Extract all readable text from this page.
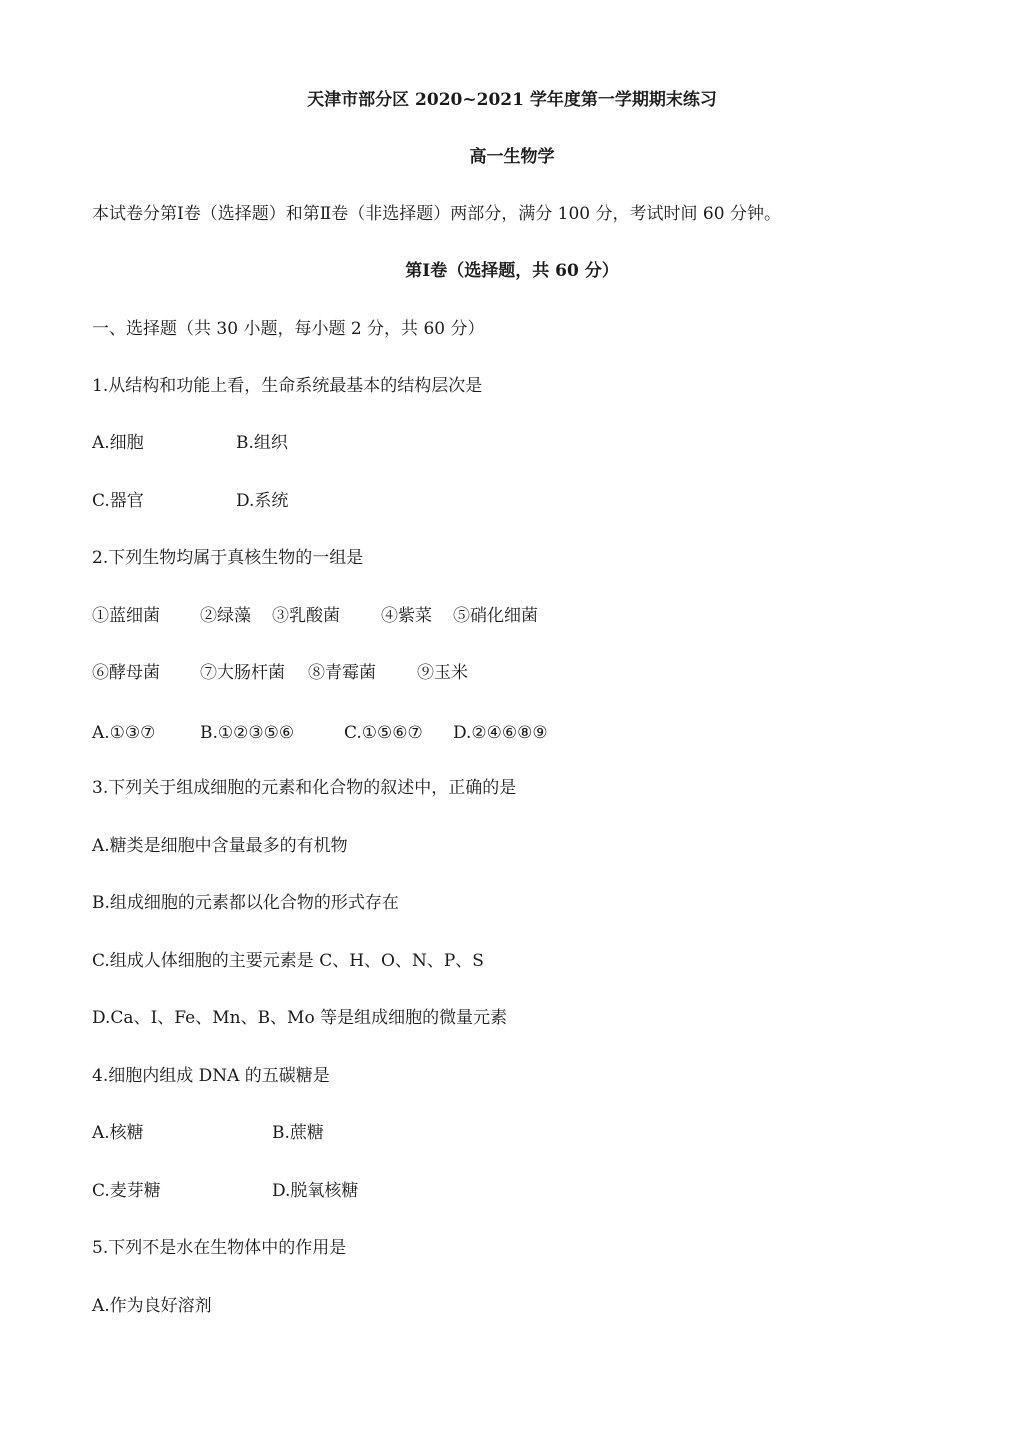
天津市部分区 2020~2021 学年度第一学期期末练习
高一生物学
本试卷分第Ⅰ卷（选择题）和第Ⅱ卷（非选择题）两部分，满分 100 分，考试时间 60 分钟。
第Ⅰ卷（选择题，共 60 分）
一、选择题（共 30 小题，每小题 2 分，共 60 分）
1.从结构和功能上看，生命系统最基本的结构层次是
A.细胞	B.组织
C.器官	D.系统
2.下列生物均属于真核生物的一组是
①蓝细菌 ②绿藻 ③乳酸菌 ④紫菜 ⑤硝化细菌
⑥酵母菌 ⑦大肠杆菌 ⑧青霉菌 ⑨玉米
A.①③⑦	B.①②③⑤⑥	C.①⑤⑥⑦ D.②④⑥⑧⑨
3.下列关于组成细胞的元素和化合物的叙述中，正确的是
A.糖类是细胞中含量最多的有机物
B.组成细胞的元素都以化合物的形式存在
C.组成人体细胞的主要元素是 C、H、O、N、P、S
D.Ca、I、Fe、Mn、B、Mo 等是组成细胞的微量元素
4.细胞内组成 DNA 的五碳糖是
A.核糖	B.蔗糖
C.麦芽糖	D.脱氧核糖
5.下列不是水在生物体中的作用是
A.作为良好溶剂
